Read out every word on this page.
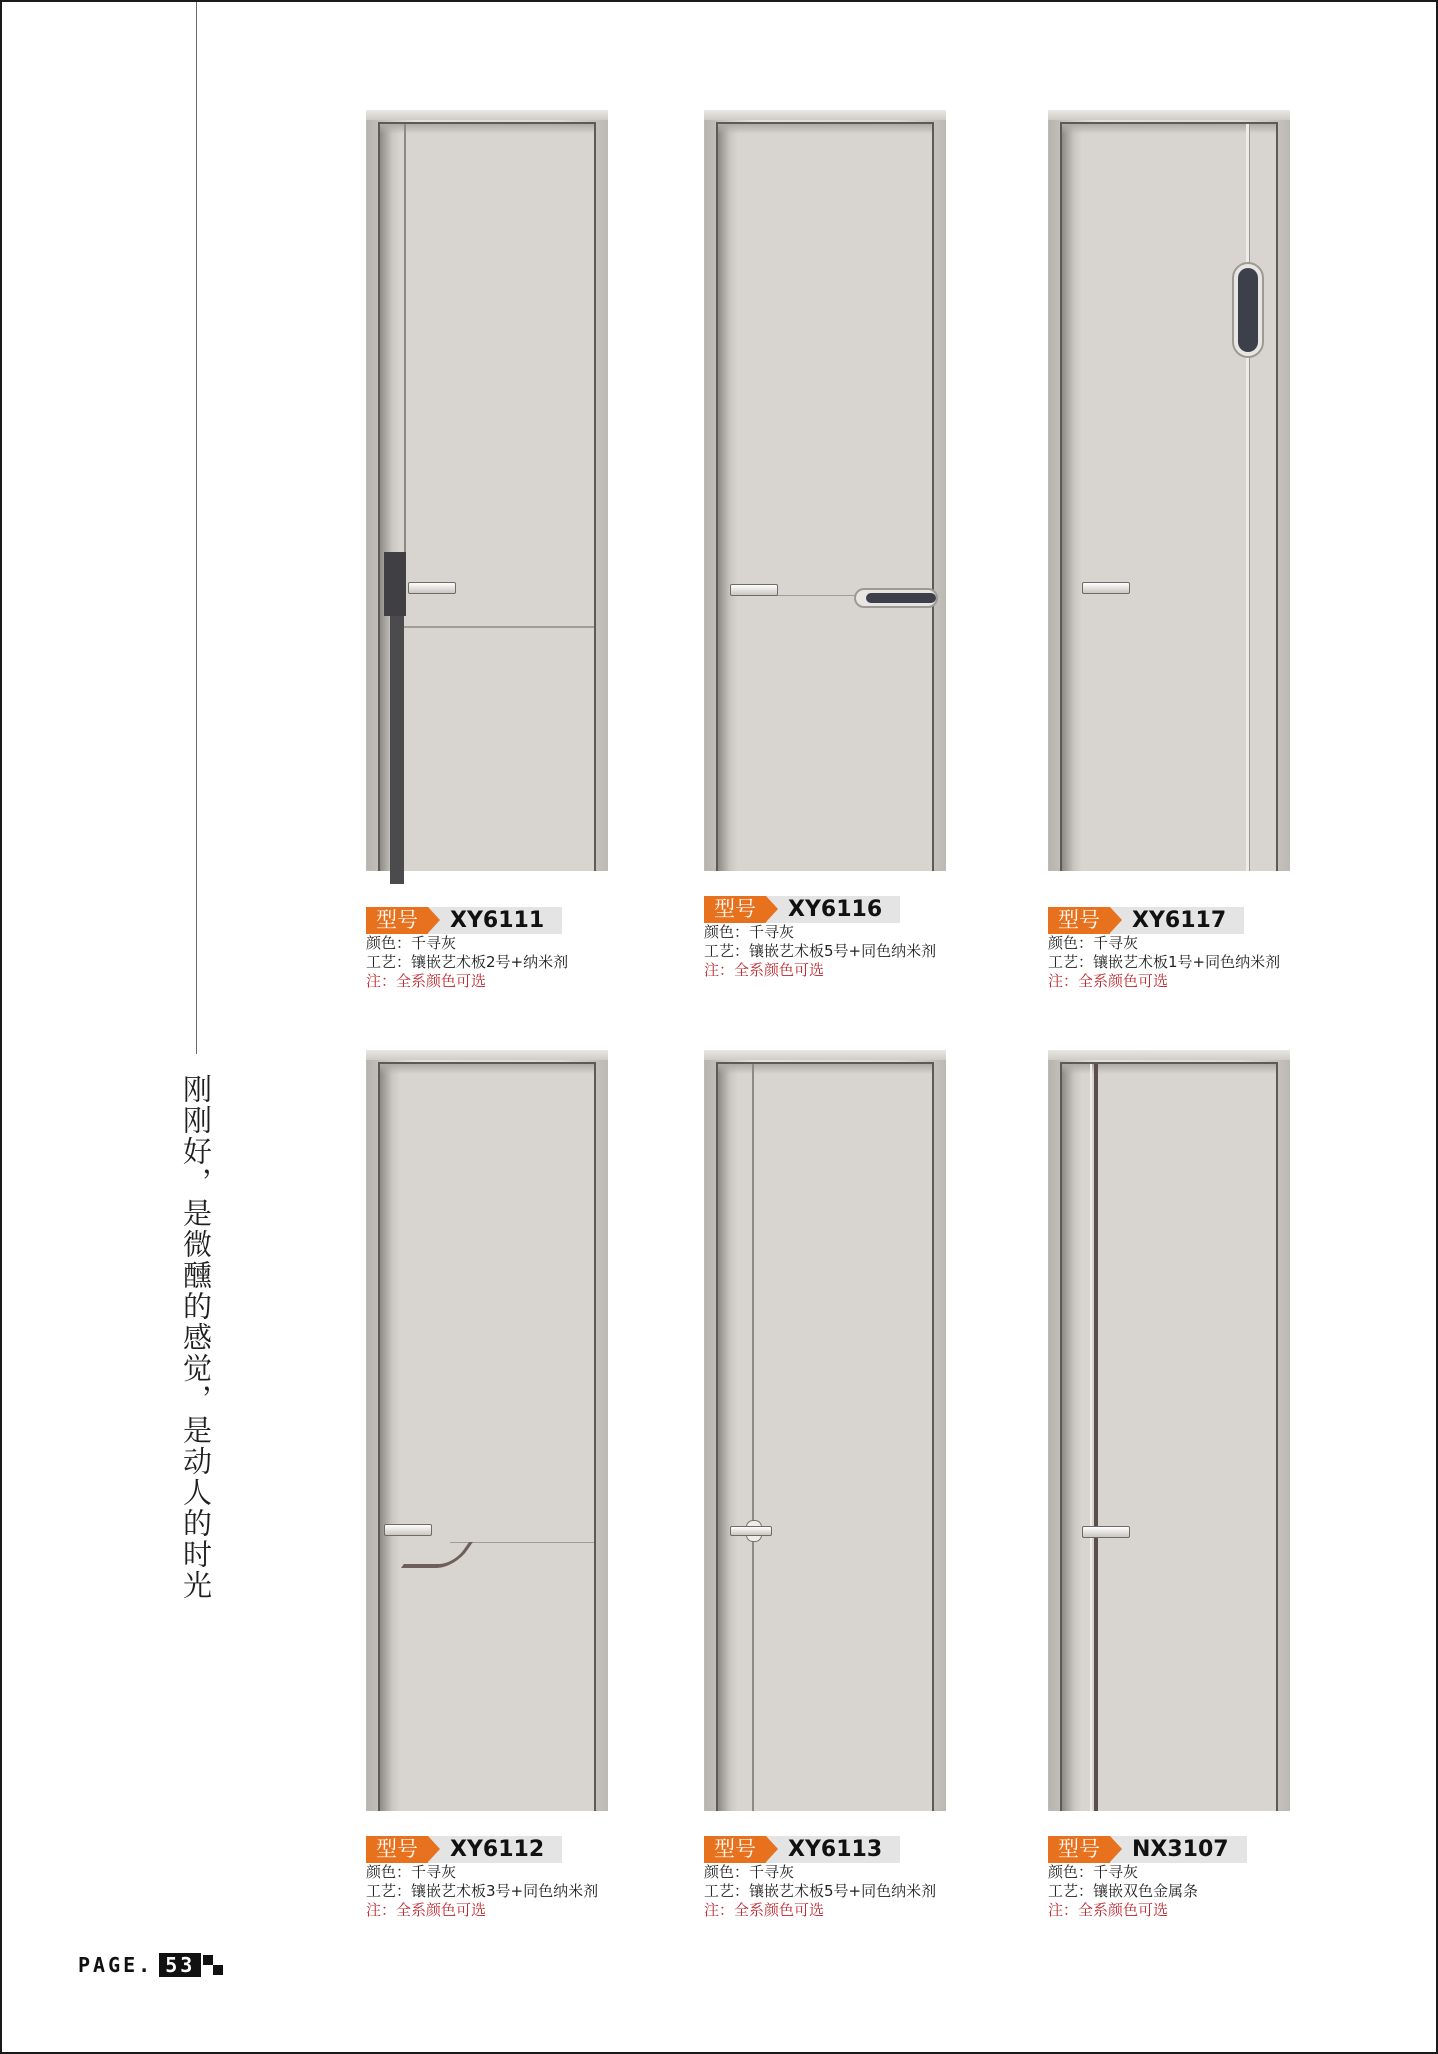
刚刚好，是微醺的感觉，是动人的时光
型号	XY6111
颜色：千寻灰
工艺：镶嵌艺术板2号+纳米剂
注：全系颜色可选
型号	XY6116
颜色：千寻灰
工艺：镶嵌艺术板5号+同色纳米剂
注：全系颜色可选
型号	XY6117
颜色：千寻灰
工艺：镶嵌艺术板1号+同色纳米剂
注：全系颜色可选
型号	XY6112
颜色：千寻灰
工艺：镶嵌艺术板3号+同色纳米剂
注：全系颜色可选
型号	XY6113
颜色：千寻灰
工艺：镶嵌艺术板5号+同色纳米剂
注：全系颜色可选
型号	NX3107
颜色：千寻灰
工艺：镶嵌双色金属条
注：全系颜色可选
PAGE. 53
